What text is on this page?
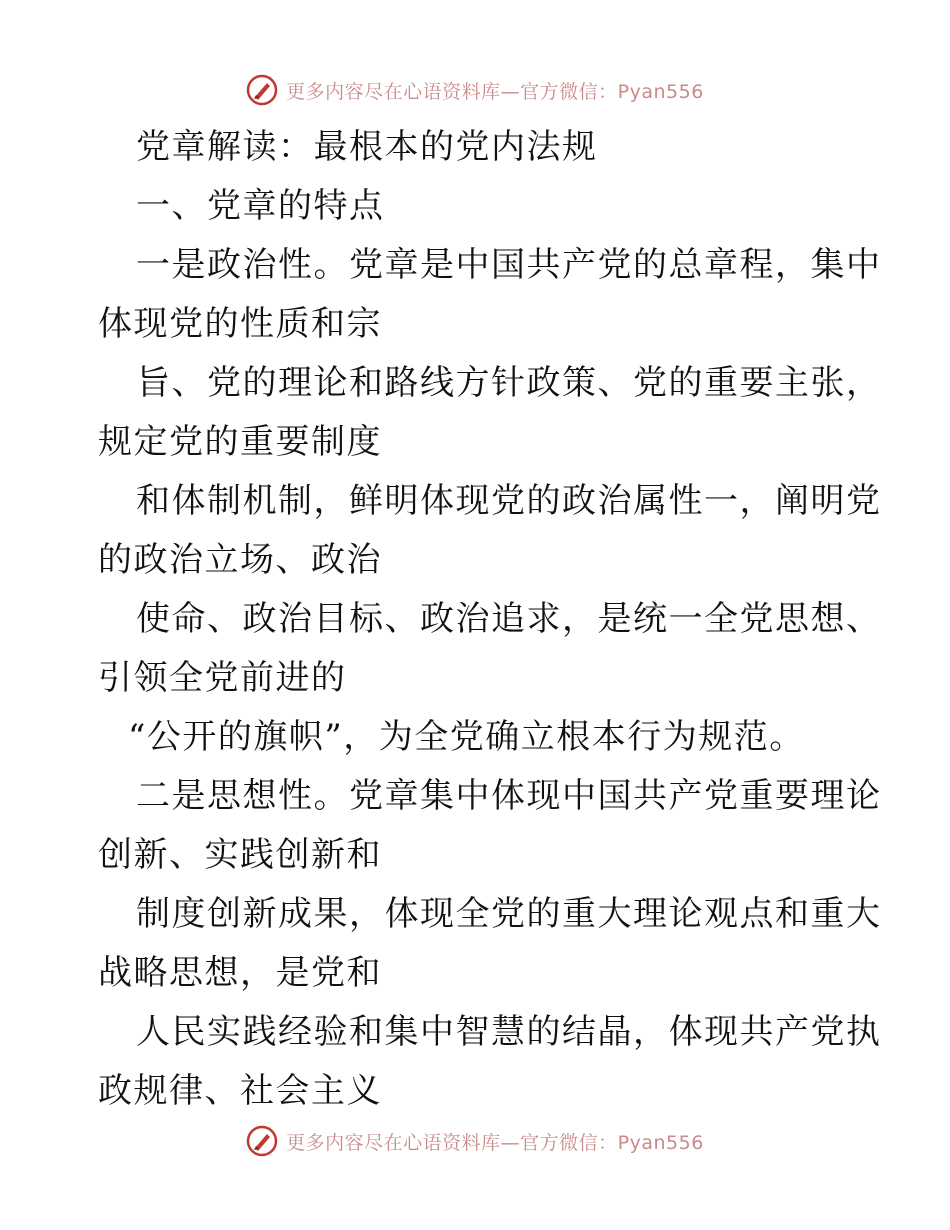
更多内容尽在心语资料库—官方微信：Pyan556
党章解读：最根本的党内法规
一、党章的特点
一是政治性。党章是中国共产党的总章程，集中
体现党的性质和宗
旨、党的理论和路线方针政策、党的重要主张，
规定党的重要制度
和体制机制，鲜明体现党的政治属性一，阐明党
的政治立场、政治
使命、政治目标、政治追求，是统一全党思想、
引领全党前进的
“公开的旗帜”，为全党确立根本行为规范。
二是思想性。党章集中体现中国共产党重要理论
创新、实践创新和
制度创新成果，体现全党的重大理论观点和重大
战略思想，是党和
人民实践经验和集中智慧的结晶，体现共产党执
政规律、社会主义
更多内容尽在心语资料库—官方微信：Pyan556
